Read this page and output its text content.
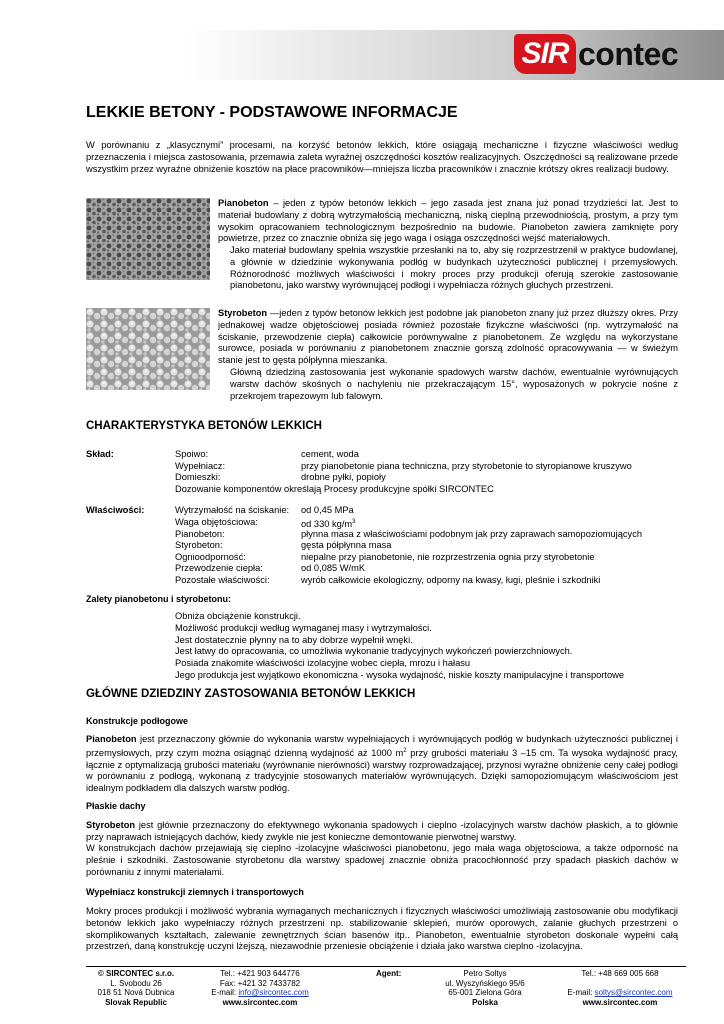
SIR contec
LEKKIE BETONY - PODSTAWOWE INFORMACJE

W porównaniu z „klasycznymi” procesami, na korzyść betonów lekkich, które osiągają mechaniczne i fizyczne właściwości według przeznaczenia i miejsca zastosowania, przemawia zaleta wyraźnej oszczędności kosztów realizacyjnych. Oszczędności są realizowane przede wszystkim przez wyraźne obniżenie kosztów na płace pracowników—mniejsza liczba pracowników i znacznie krótszy okres realizacji budowy.

Pianobeton – jeden z typów betonów lekkich – jego zasada jest znana już ponad trzydzieści lat. Jest to materiał budowlany z dobrą wytrzymałością mechaniczną, niską cieplną przewodniością, prostym, a przy tym wysokim opracowaniem technologicznym bezpośrednio na budowie. Pianobeton zawiera zamknięte pory powietrze, przez co znacznie obniża się jego waga i osiąga oszczędności wejść materiałowych.

Jako materiał budowlany spełnia wszystkie przesłanki na to, aby się rozprzestrzenił w praktyce budowlanej, a głównie w dziedzinie wykonywania podłóg w budynkach użyteczności publicznej i przemysłowych. Różnorodność możliwych właściwości i mokry proces przy produkcji oferują szerokie zastosowanie pianobetonu, jako warstwy wyrównującej podłogi i wypełniacza różnych głuchych przestrzeni.

Styrobeton —jeden z typów betonów lekkich jest podobne jak pianobeton znany już przez dłuższy okres. Przy jednakowej wadze objętościowej posiada również pozostałe fizykczne właściwości (np. wytrzymałość na ściskanie, przewodzenie ciepła) całkowicie porównywalne z pianobetonem. Ze względu na wykorzystane surowce, posiada w porównaniu z pianobetonem znacznie gorszą zdolność opracowywania — w świeżym stanie jest to gęsta półpłynna mieszanka.

Główną dziedziną zastosowania jest wykonanie spadowych warstw dachów, ewentualnie wyrównujących warstw dachów skośnych o nachyleniu nie przekraczającym 15°, wyposażonych w pokrycie nośne z przekrojem trapezowym lub falowym.

CHARAKTERYSTYKA BETONÓW LEKKICH
Skład:	Spoiwo:	cement, woda
Wypełniacz:	przy pianobetonie piana techniczna, przy styrobetonie to styropianowe kruszywo
Domieszki:	drobne pyłki, popioły
Dozowanie komponentów określają Procesy produkcyjne spółki SIRCONTEC
Właściwości:	Wytrzymałość na ściskanie: od 0,45 MPa
Waga objętościowa:	od 330 $kg/m^3$
Pianobeton:	płynna masa z właściwościami podobnym jak przy zaprawach samopoziomujących
Styrobeton:	gęsta półpłynna masa
Ognioodporność:	niepalne przy pianobetonie, nie rozprzestrzenia ognia przy styrobetonie
Przewodzenie ciepła:	od 0,085 W/mK
Pozostałe właściwości:	wyrób całkowicie ekologiczny, odporny na kwasy, ługi, pleśnie i szkodniki
Zalety pianobetonu i styrobetonu:
Obniża obciążenie konstrukcji.
Możliwość produkcji według wymaganej masy i wytrzymałości.
Jest dostatecznie płynny na to aby dobrze wypełnił wnęki.
Jest łatwy do opracowania, co umożliwia wykonanie tradycyjnych wykończeń powierzchniowych.
Posiada znakomite właściwości izolacyjne wobec ciepła, mrozu i hałasu
Jego produkcja jest wyjątkowo ekonomiczna - wysoka wydajność, niskie koszty manipulacyjne i transportowe
GŁÓWNE DZIEDZINY ZASTOSOWANIA BETONÓW LEKKICH
Konstrukcje podłogowe

Pianobeton jest przeznaczony głównie do wykonania warstw wypełniających i wyrównujących podłóg w budynkach użyteczności publicznej i przemysłowych, przy czym można osiągnąć dzienną wydajność aż 1000 $m^2$ przy grubości materiału 3 –15 cm. Ta wysoka wydajność pracy, łącznie z optymalizacją grubości materiału (wyrównanie nierówności) warstwy rozprowadzającej, przynosi wyraźne obniżenie ceny całej podłogi w porównaniu z podłogą, wykonaną z tradycyjnie stosowanych materiałów wyrównujących. Dzięki samopoziomującym właściwościom jest idealnym podkładem dla dalszych warstw podłóg.

Płaskie dachy

Styrobeton jest głównie przeznaczony do efektywnego wykonania spadowych i cieplno -izolacyjnych warstw dachów płaskich, a to głównie przy naprawach istniejących dachów, kiedy zwykle nie jest konieczne demontowanie pierwotnej warstwy.

W konstrukcjach dachów przejawiają się cieplno -izolacyjne właściwości pianobetonu, jego mała waga objętościowa, a także odporność na pleśnie i szkodniki. Zastosowanie styrobetonu dla warstwy spadowej znacznie obniża pracochłonność przy spadach płaskich dachów w porównaniu z innymi materiałami.

Wypełniacz konstrukcji ziemnych i transportowych

Mokry proces produkcji i możliwość wybrania wymaganych mechanicznych i fizycznych właściwości umożliwiają zastosowanie obu modyfikacji betonów lekkich jako wypełniaczy różnych przestrzeni np. stabilizowanie sklepień, murów oporowych, zalanie głuchych przestrzeni o skomplikowanych kształtach, zalewanie zewnętrznych ścian basenów itp.. Pianobeton, ewentualnie styrobeton doskonale wypełni całą przestrzeń, daną konstrukcję uczyni lżejszą, niezawodnie przeniesie obciążenie i działa jako warstwa cieplno -izolacyjna.

© SIRCONTEC s.r.o.
L. Svobodu 26
018 51 Nová Dubnica
Slovak Republic
Tel.: +421 903 644776
Fax: +421 32 7433782
E-mail: info@sircontec.com
www.sircontec.com
Agent:	Petro Soltys
ul. Wyszyńskiego 95/6
65-001 Zielona Góra
Polska
Tel.: +48 669 005 668

E-mail: soltys@sircontec.com
www.sircontec.com
